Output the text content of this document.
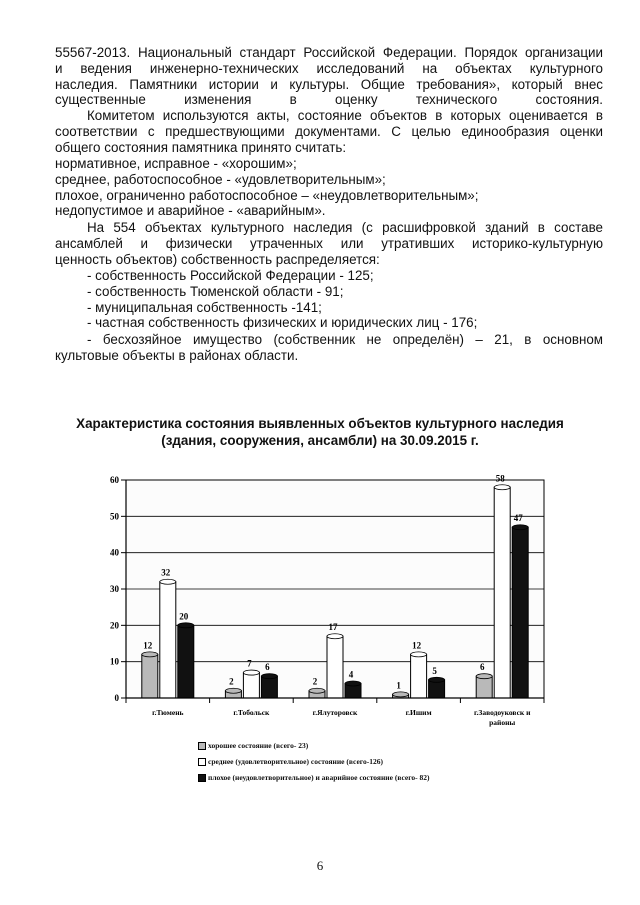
55567-2013. Национальный стандарт Российской Федерации. Порядок организации
и ведения инженерно-технических исследований на объектах культурного
наследия. Памятники истории и культуры. Общие требования», который внес
существенные изменения в оценку технического состояния.
Комитетом используются акты, состояние объектов в которых оценивается в
соответствии с предшествующими документами. С целью единообразия оценки
общего состояния памятника принято считать:
нормативное, исправное - «хорошим»;
среднее, работоспособное - «удовлетворительным»;
плохое, ограниченно работоспособное – «неудовлетворительным»;
недопустимое и аварийное - «аварийным».
На 554 объектах культурного наследия (с расшифровкой зданий в составе
ансамблей и физически утраченных или утративших историко-культурную
ценность объектов) собственность распределяется:
- собственность Российской Федерации - 125;
- собственность Тюменской области - 91;
- муниципальная собственность -141;
- частная собственность физических и юридических лиц - 176;
- бесхозяйное имущество (собственник не определён) – 21, в основном
культовые объекты в районах области.
Характеристика состояния выявленных объектов культурного наследия
(здания, сооружения, ансамбли) на 30.09.2015 г.
0
10
20
30
40
50
60
12
32
20
г.Тюмень
2
7 6
г.Тобольск
2
17
4
г.Ялуторовск
1
12
5
г.Ишим
6
58
47
г.Заводоуковск и
районы
хорошее состояние (всего- 23)
среднее (удовлетворительное) состояние (всего-126)
плохое (неудовлетворительное) и аварийное состояние (всего- 82)
6
